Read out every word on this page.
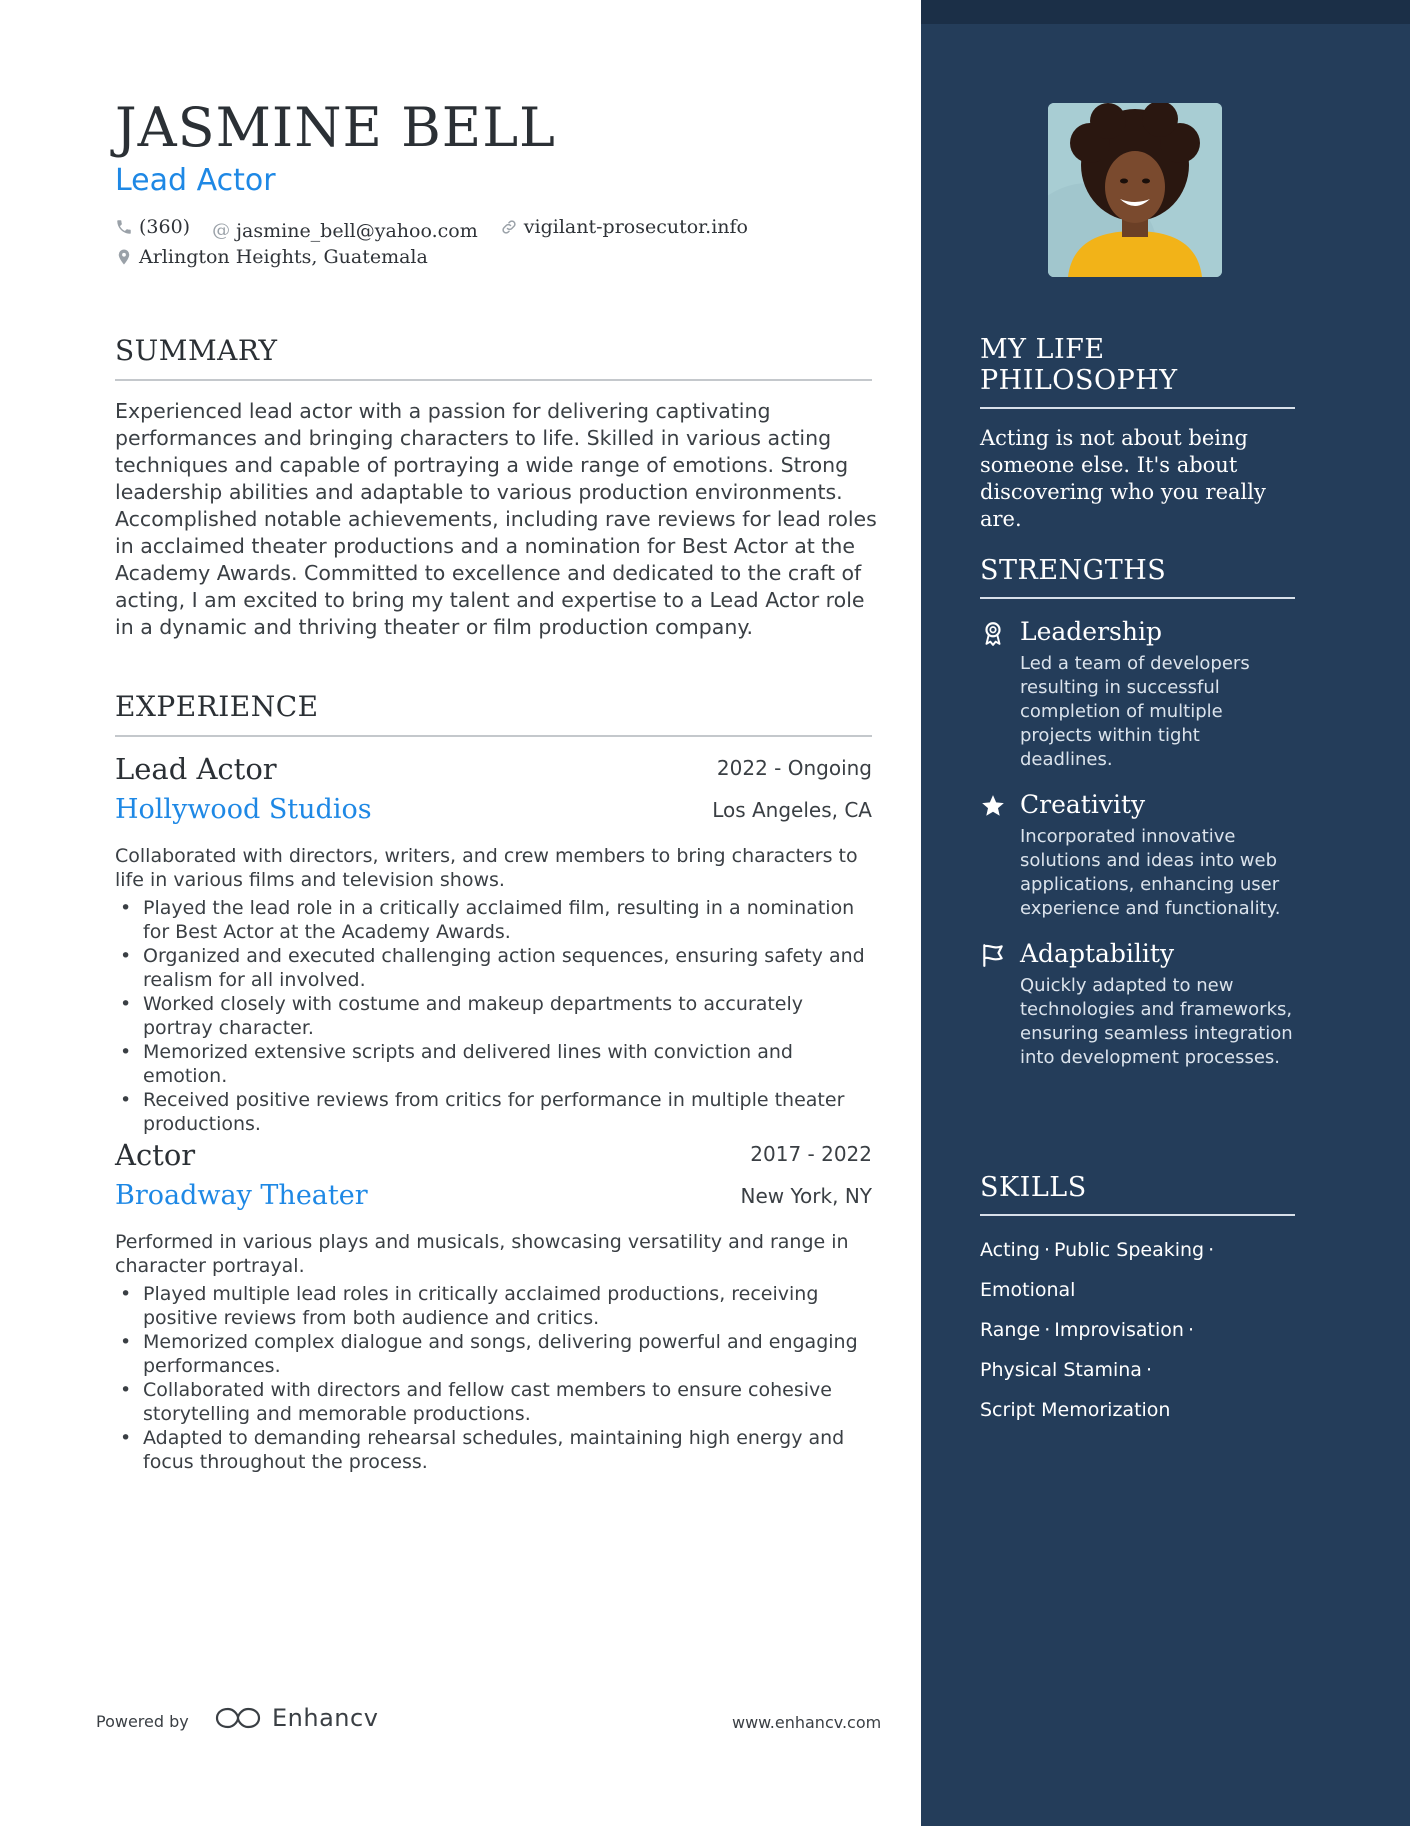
JASMINE BELL
Lead Actor
(360)
@ jasmine_bell@yahoo.com
vigilant-prosecutor.info
Arlington Heights, Guatemala
SUMMARY
Experienced lead actor with a passion for delivering captivating performances and bringing characters to life. Skilled in various acting techniques and capable of portraying a wide range of emotions. Strong leadership abilities and adaptable to various production environments. Accomplished notable achievements, including rave reviews for lead roles in acclaimed theater productions and a nomination for Best Actor at the Academy Awards. Committed to excellence and dedicated to the craft of acting, I am excited to bring my talent and expertise to a Lead Actor role in a dynamic and thriving theater or film production company.
EXPERIENCE
Lead Actor	2022 - Ongoing
Hollywood Studios	Los Angeles, CA
Collaborated with directors, writers, and crew members to bring characters to life in various films and television shows.
• Played the lead role in a critically acclaimed film, resulting in a nomination for Best Actor at the Academy Awards.
• Organized and executed challenging action sequences, ensuring safety and realism for all involved.
• Worked closely with costume and makeup departments to accurately portray character.
• Memorized extensive scripts and delivered lines with conviction and emotion.
• Received positive reviews from critics for performance in multiple theater productions.
Actor	2017 - 2022
Broadway Theater	New York, NY
Performed in various plays and musicals, showcasing versatility and range in character portrayal.
• Played multiple lead roles in critically acclaimed productions, receiving positive reviews from both audience and critics.
• Memorized complex dialogue and songs, delivering powerful and engaging performances.
• Collaborated with directors and fellow cast members to ensure cohesive storytelling and memorable productions.
• Adapted to demanding rehearsal schedules, maintaining high energy and focus throughout the process.
Powered by	Enhancv	www.enhancv.com
MY LIFE PHILOSOPHY
Acting is not about being someone else. It's about discovering who you really are.
STRENGTHS
Leadership
Led a team of developers resulting in successful completion of multiple projects within tight deadlines.
Creativity
Incorporated innovative solutions and ideas into web applications, enhancing user experience and functionality.
Adaptability
Quickly adapted to new technologies and frameworks, ensuring seamless integration into development processes.
SKILLS
Acting · Public Speaking ·
Emotional Range · Improvisation ·
Physical Stamina ·
Script Memorization
